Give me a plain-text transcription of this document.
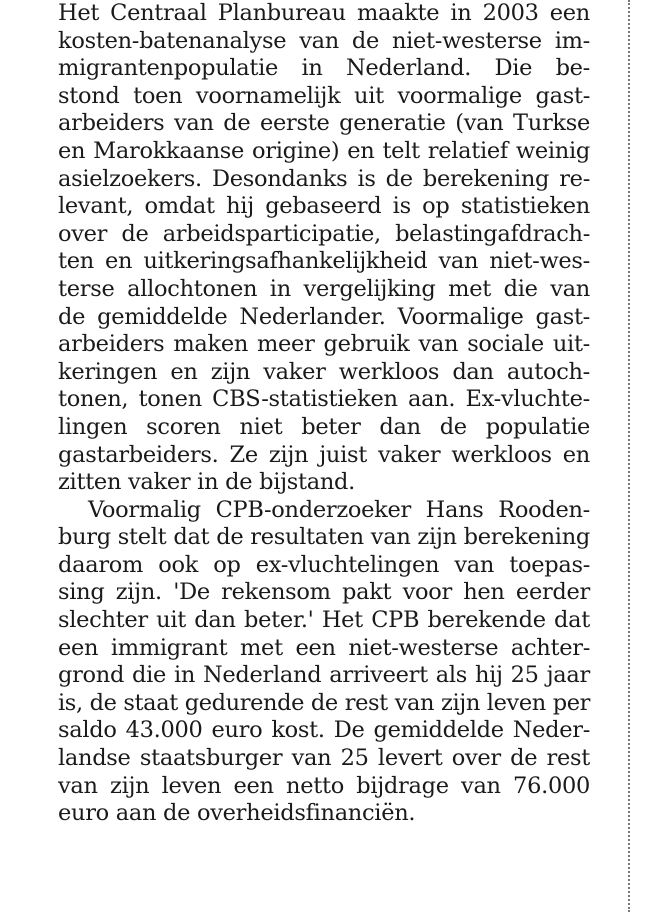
Het Centraal Planbureau maakte in 2003 een
kosten-batenanalyse van de niet-westerse im-
migrantenpopulatie in Nederland. Die be-
stond toen voornamelijk uit voormalige gast-
arbeiders van de eerste generatie (van Turkse
en Marokkaanse origine) en telt relatief weinig
asielzoekers. Desondanks is de berekening re-
levant, omdat hij gebaseerd is op statistieken
over de arbeidsparticipatie, belastingafdrach-
ten en uitkeringsafhankelijkheid van niet-wes-
terse allochtonen in vergelijking met die van
de gemiddelde Nederlander. Voormalige gast-
arbeiders maken meer gebruik van sociale uit-
keringen en zijn vaker werkloos dan autoch-
tonen, tonen CBS-statistieken aan. Ex-vluchte-
lingen scoren niet beter dan de populatie
gastarbeiders. Ze zijn juist vaker werkloos en
zitten vaker in de bijstand.
Voormalig CPB-onderzoeker Hans Rooden-
burg stelt dat de resultaten van zijn berekening
daarom ook op ex-vluchtelingen van toepas-
sing zijn. 'De rekensom pakt voor hen eerder
slechter uit dan beter.' Het CPB berekende dat
een immigrant met een niet-westerse achter-
grond die in Nederland arriveert als hij 25 jaar
is, de staat gedurende de rest van zijn leven per
saldo 43.000 euro kost. De gemiddelde Neder-
landse staatsburger van 25 levert over de rest
van zijn leven een netto bijdrage van 76.000
euro aan de overheidsfinanciën.
